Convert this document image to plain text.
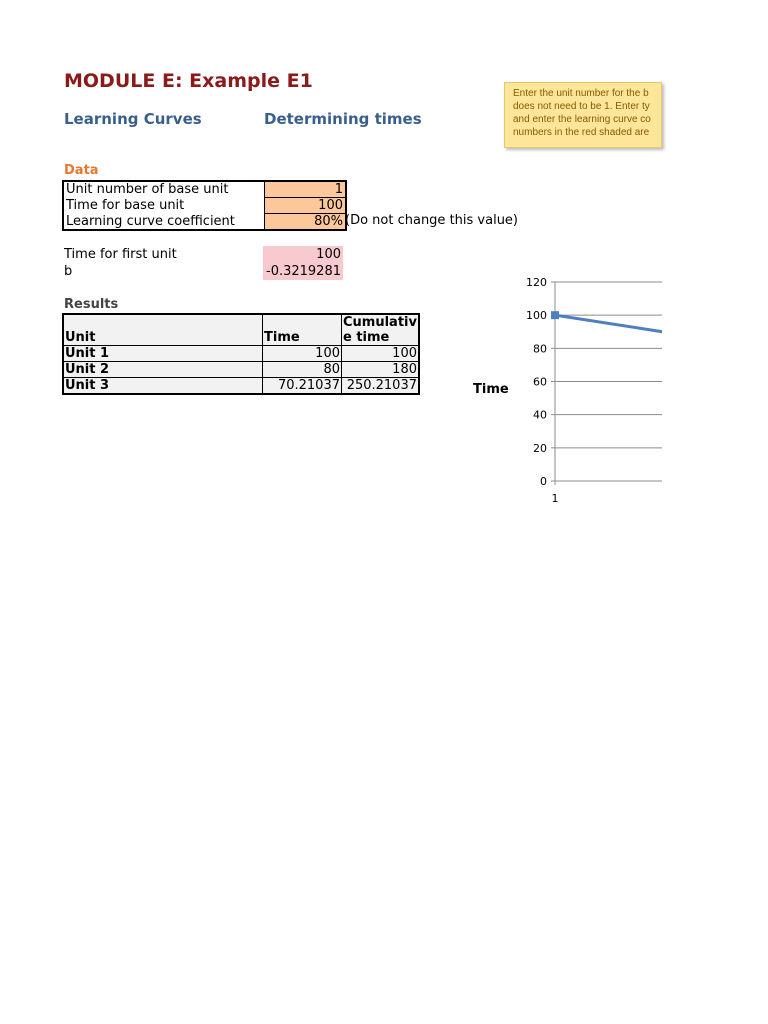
MODULE E: Example E1
Learning Curves	Determining times
Enter the unit number for the b
does not need to be 1. Enter ty
and enter the learning curve co
numbers in the red shaded are
Data
Unit number of base unit	1
Time for base unit	100
Learning curve coefficient	80% (Do not change this value)
Time for first unit	100
b	-0.3219281
Results
Unit	Time	Cumulativ
e time
Unit 1	100	100
Unit 2	80	180
Unit 3	70.21037	250.21037	Time
0
20
40
60
80
100
120
1
